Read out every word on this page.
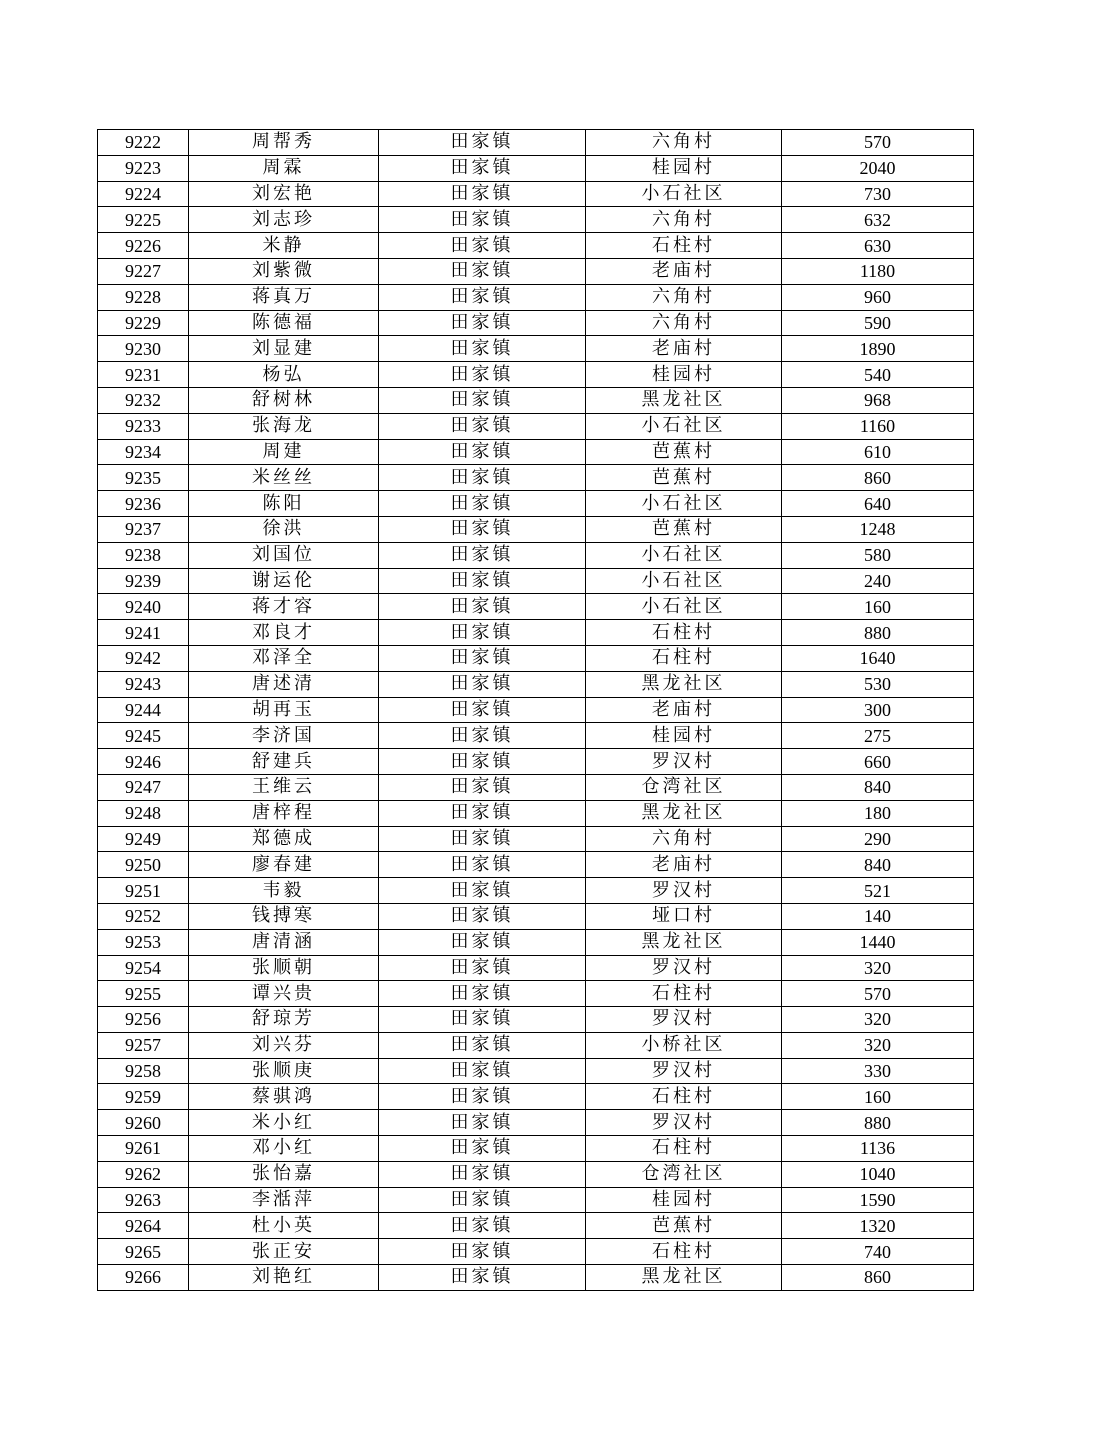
9222	周帮秀	田家镇	六角村	570
9223	周霖	田家镇	桂园村	2040
9224	刘宏艳	田家镇	小石社区	730
9225	刘志珍	田家镇	六角村	632
9226	米静	田家镇	石柱村	630
9227	刘紫微	田家镇	老庙村	1180
9228	蒋真万	田家镇	六角村	960
9229	陈德福	田家镇	六角村	590
9230	刘显建	田家镇	老庙村	1890
9231	杨弘	田家镇	桂园村	540
9232	舒树林	田家镇	黑龙社区	968
9233	张海龙	田家镇	小石社区	1160
9234	周建	田家镇	芭蕉村	610
9235	米丝丝	田家镇	芭蕉村	860
9236	陈阳	田家镇	小石社区	640
9237	徐洪	田家镇	芭蕉村	1248
9238	刘国位	田家镇	小石社区	580
9239	谢运伦	田家镇	小石社区	240
9240	蒋才容	田家镇	小石社区	160
9241	邓良才	田家镇	石柱村	880
9242	邓泽全	田家镇	石柱村	1640
9243	唐述清	田家镇	黑龙社区	530
9244	胡再玉	田家镇	老庙村	300
9245	李济国	田家镇	桂园村	275
9246	舒建兵	田家镇	罗汉村	660
9247	王维云	田家镇	仓湾社区	840
9248	唐梓程	田家镇	黑龙社区	180
9249	郑德成	田家镇	六角村	290
9250	廖春建	田家镇	老庙村	840
9251	韦毅	田家镇	罗汉村	521
9252	钱搏寒	田家镇	垭口村	140
9253	唐清涵	田家镇	黑龙社区	1440
9254	张顺朝	田家镇	罗汉村	320
9255	谭兴贵	田家镇	石柱村	570
9256	舒琼芳	田家镇	罗汉村	320
9257	刘兴芬	田家镇	小桥社区	320
9258	张顺庚	田家镇	罗汉村	330
9259	蔡骐鸿	田家镇	石柱村	160
9260	米小红	田家镇	罗汉村	880
9261	邓小红	田家镇	石柱村	1136
9262	张怡嘉	田家镇	仓湾社区	1040
9263	李湉萍	田家镇	桂园村	1590
9264	杜小英	田家镇	芭蕉村	1320
9265	张正安	田家镇	石柱村	740
9266	刘艳红	田家镇	黑龙社区	860
